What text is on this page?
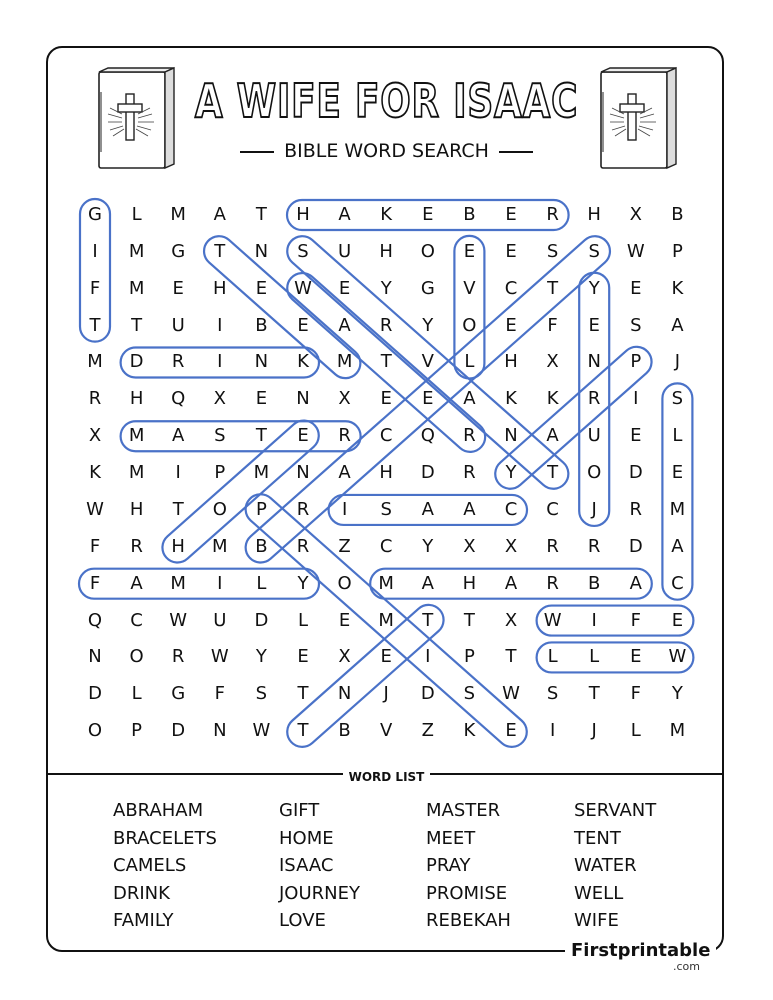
A WIFE FOR ISAAC
BIBLE WORD SEARCH
G	L	M	A	T	H	A	K	E	B	E	R	H	X	B
I	M	G	T	N	S	U	H	O	E	E	S	S	W	P
F	M	E	H	E	W	E	Y	G	V	C	T	Y	E	K
T	T	U	I	B	E	A	R	Y	O	E	F	E	S	A
M	D	R	I	N	K	M	T	V	L	H	X	N	P	J
R	H	Q	X	E	N	X	E	E	A	K	K	R	I	S
X	M	A	S	T	E	R	C	Q	R	N	A	U	E	L
K	M	I	P	M	N	A	H	D	R	Y	T	O	D	E
W	H	T	O	P	R	I	S	A	A	C	C	J	R	M
F	R	H	M	B	R	Z	C	Y	X	X	R	R	D	A
F	A	M	I	L	Y	O	M	A	H	A	R	B	A	C
Q	C	W	U	D	L	E	M	T	T	X	W	I	F	E
N	O	R	W	Y	E	X	E	I	P	T	L	L	E	W
D	L	G	F	S	T	N	J	D	S	W	S	T	F	Y
O	P	D	N	W	T	B	V	Z	K	E	I	J	L	M
WORD LIST
ABRAHAM	GIFT	MASTER	SERVANT
BRACELETS	HOME	MEET	TENT
CAMELS	ISAAC	PRAY	WATER
DRINK	JOURNEY	PROMISE	WELL
FAMILY	LOVE	REBEKAH	WIFE
Firstprintable
.com
